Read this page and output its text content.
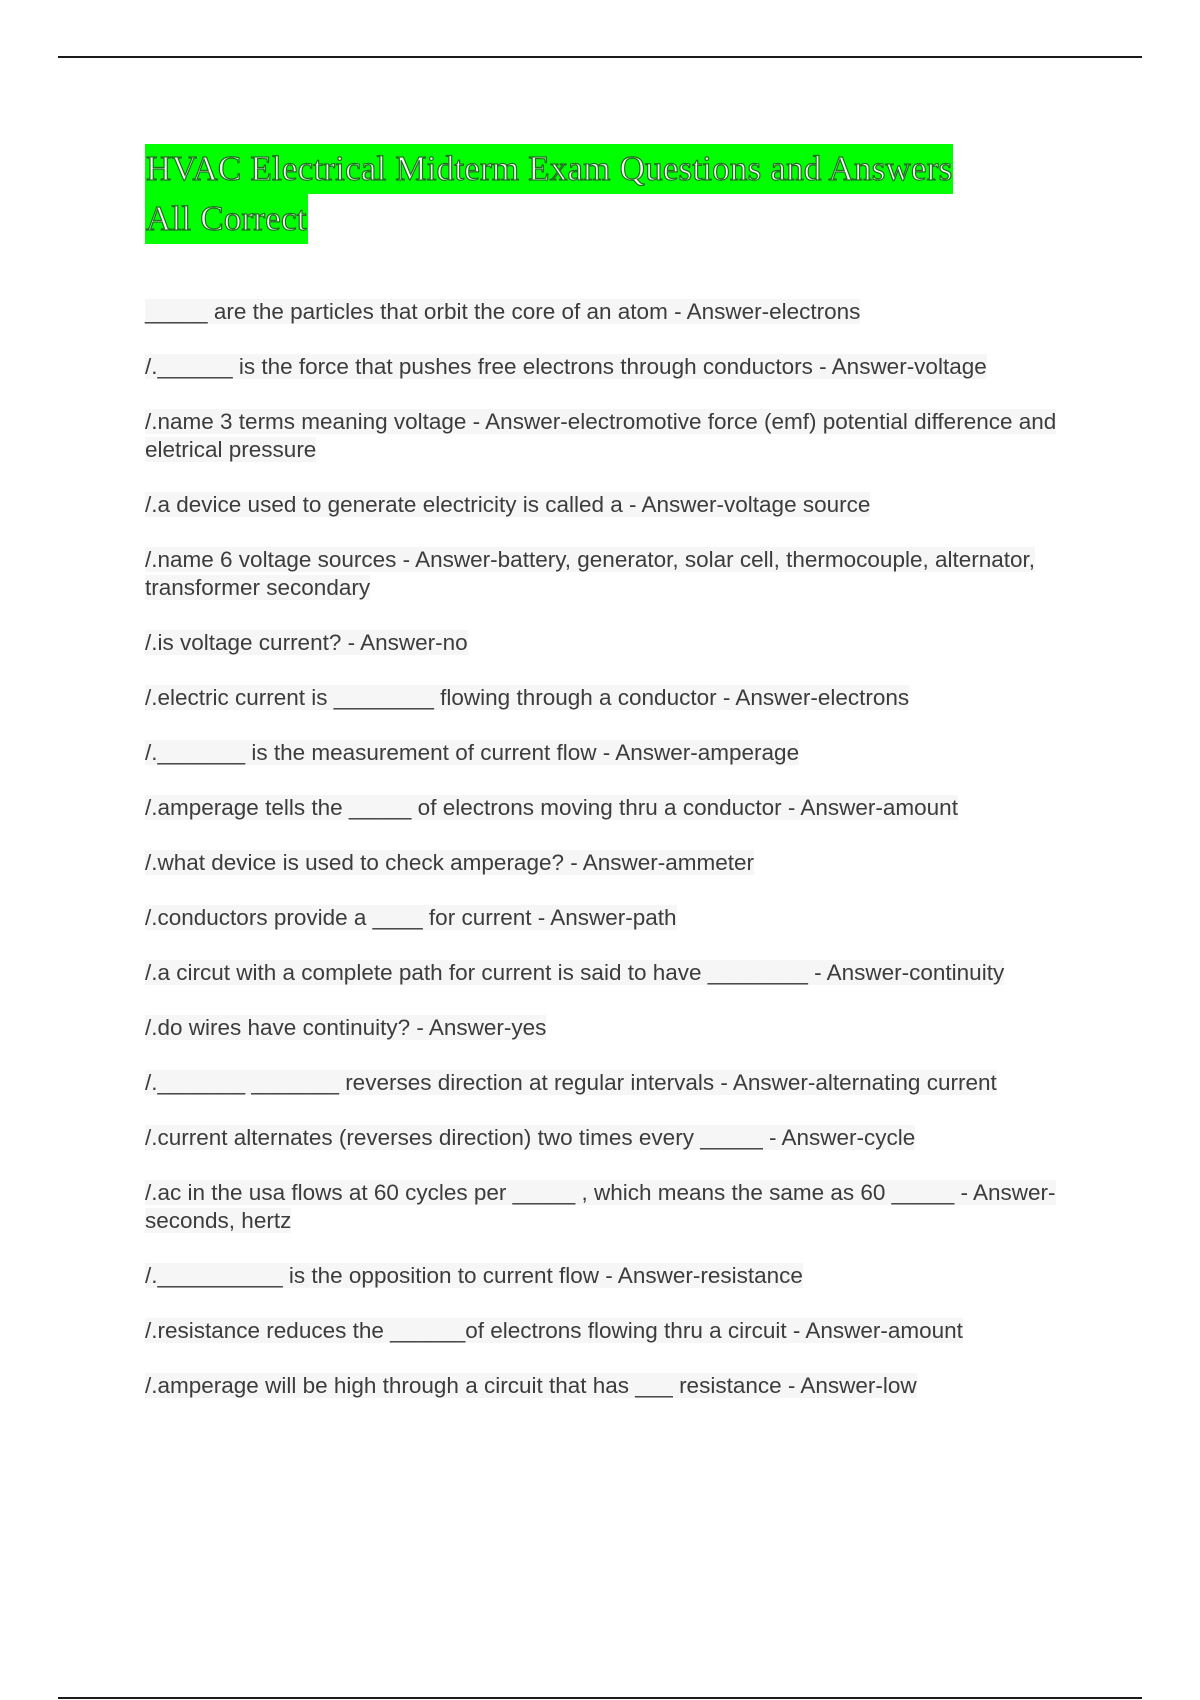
HVAC Electrical Midterm Exam Questions and Answers
All Correct
_____ are the particles that orbit the core of an atom - Answer-electrons
/.______ is the force that pushes free electrons through conductors - Answer-voltage
/.name 3 terms meaning voltage - Answer-electromotive force (emf) potential difference and eletrical pressure
/.a device used to generate electricity is called a - Answer-voltage source
/.name 6 voltage sources - Answer-battery, generator, solar cell, thermocouple, alternator, transformer secondary
/.is voltage current? - Answer-no
/.electric current is ________ flowing through a conductor - Answer-electrons
/._______ is the measurement of current flow - Answer-amperage
/.amperage tells the _____ of electrons moving thru a conductor - Answer-amount
/.what device is used to check amperage? - Answer-ammeter
/.conductors provide a ____ for current - Answer-path
/.a circut with a complete path for current is said to have ________ - Answer-continuity
/.do wires have continuity? - Answer-yes
/._______ _______ reverses direction at regular intervals - Answer-alternating current
/.current alternates (reverses direction) two times every _____ - Answer-cycle
/.ac in the usa flows at 60 cycles per _____ , which means the same as 60 _____ - Answer-seconds, hertz
/.__________ is the opposition to current flow - Answer-resistance
/.resistance reduces the ______of electrons flowing thru a circuit - Answer-amount
/.amperage will be high through a circuit that has ___ resistance - Answer-low
